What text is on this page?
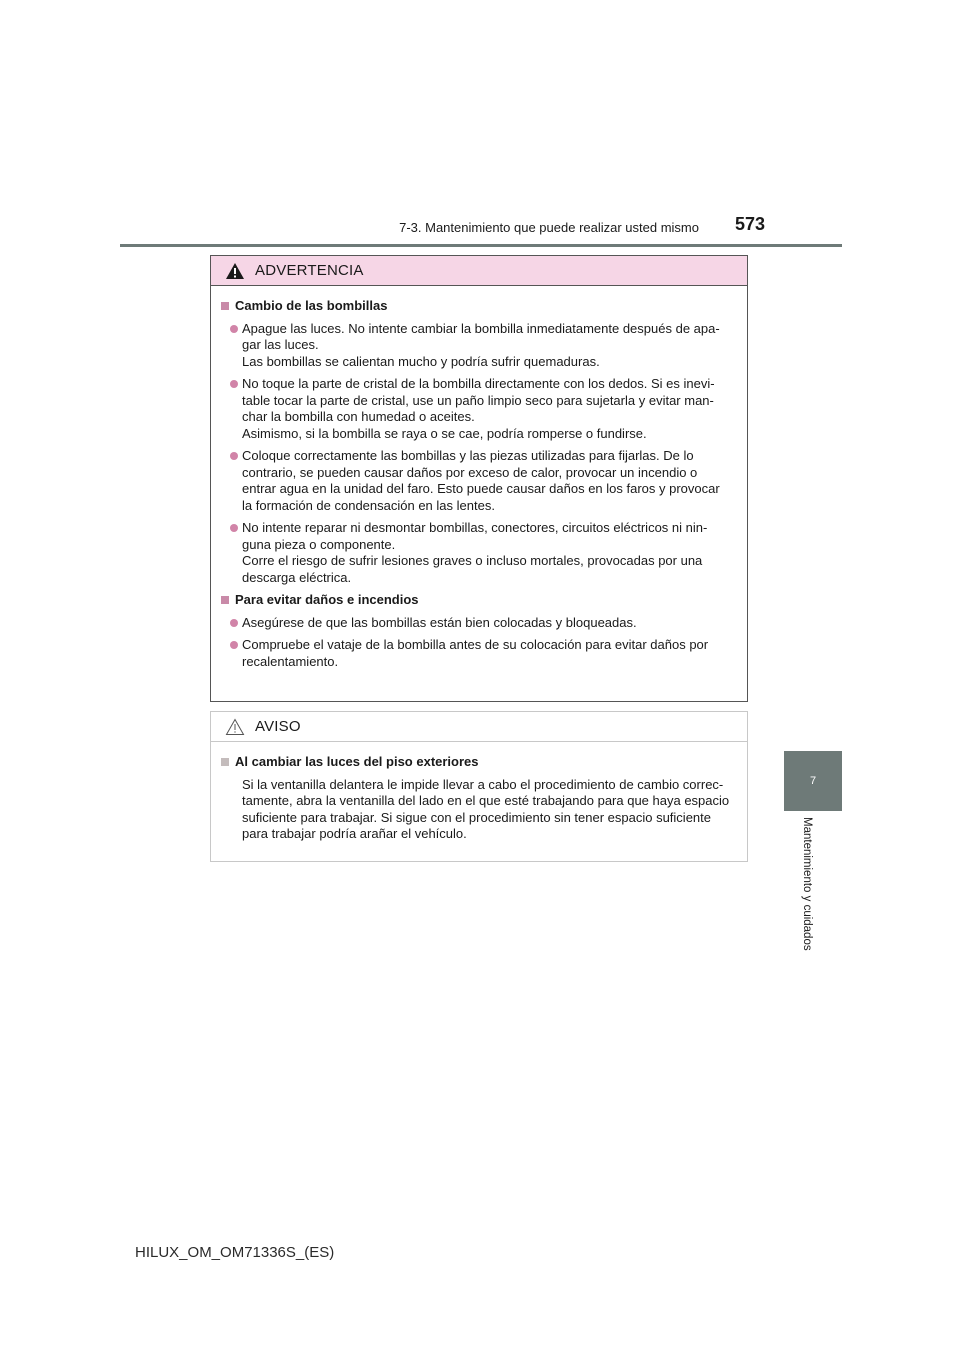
7-3. Mantenimiento que puede realizar usted mismo 573
7
Mantenimiento y cuidados
ADVERTENCIA
Cambio de las bombillas
Apague las luces. No intente cambiar la bombilla inmediatamente después de apa-
gar las luces.
Las bombillas se calientan mucho y podría sufrir quemaduras.
No toque la parte de cristal de la bombilla directamente con los dedos. Si es inevi-
table tocar la parte de cristal, use un paño limpio seco para sujetarla y evitar man-
char la bombilla con humedad o aceites.
Asimismo, si la bombilla se raya o se cae, podría romperse o fundirse.
Coloque correctamente las bombillas y las piezas utilizadas para fijarlas. De lo
contrario, se pueden causar daños por exceso de calor, provocar un incendio o
entrar agua en la unidad del faro. Esto puede causar daños en los faros y provocar
la formación de condensación en las lentes.
No intente reparar ni desmontar bombillas, conectores, circuitos eléctricos ni nin-
guna pieza o componente.
Corre el riesgo de sufrir lesiones graves o incluso mortales, provocadas por una
descarga eléctrica.
Para evitar daños e incendios
Asegúrese de que las bombillas están bien colocadas y bloqueadas.
Compruebe el vataje de la bombilla antes de su colocación para evitar daños por
recalentamiento.
AVISO
Al cambiar las luces del piso exteriores
Si la ventanilla delantera le impide llevar a cabo el procedimiento de cambio correc-
tamente, abra la ventanilla del lado en el que esté trabajando para que haya espacio
suficiente para trabajar. Si sigue con el procedimiento sin tener espacio suficiente
para trabajar podría arañar el vehículo.
HILUX_OM_OM71336S_(ES)
